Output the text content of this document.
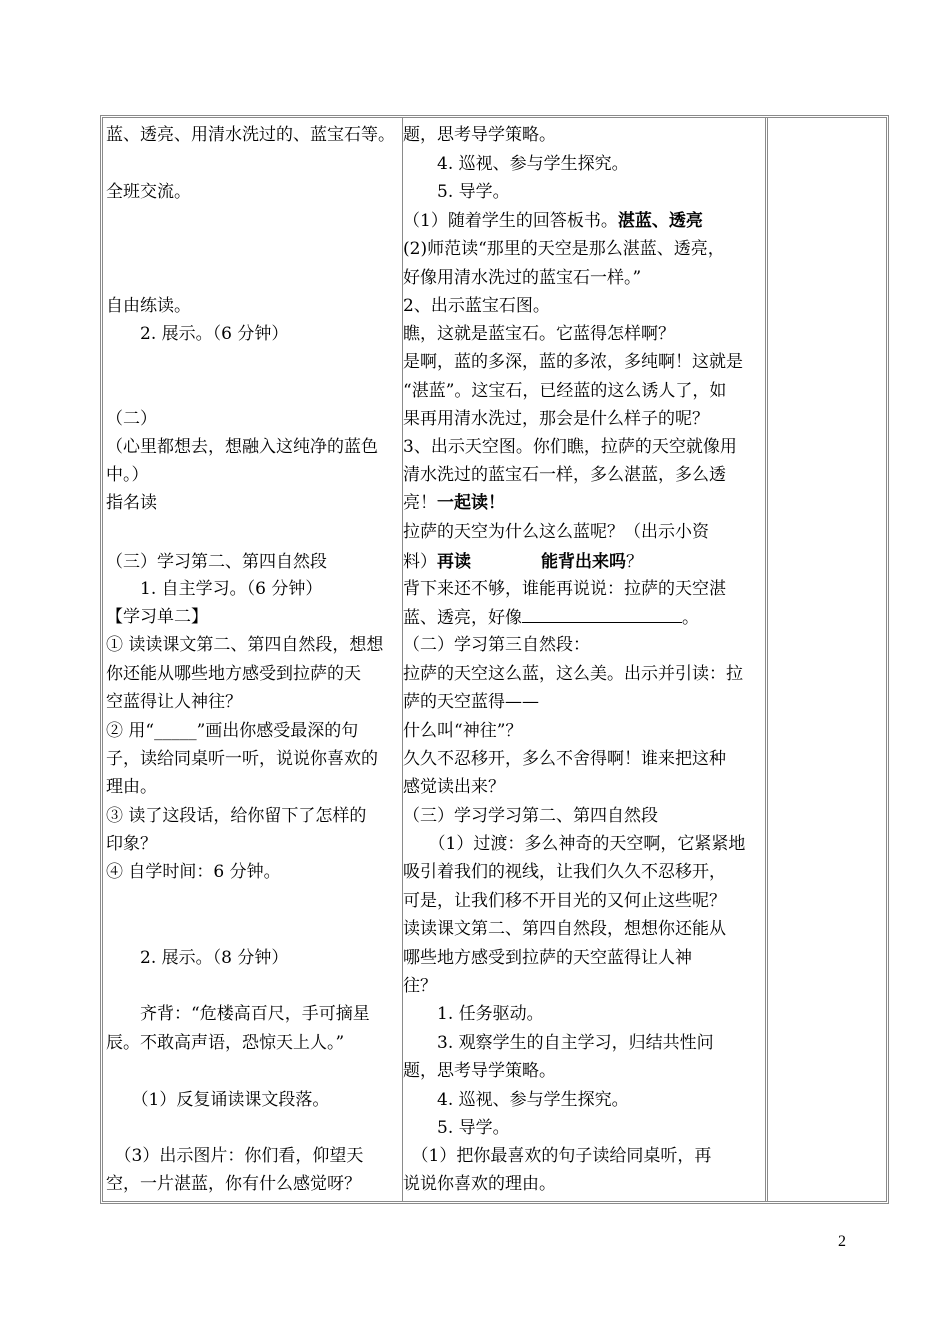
蓝、透亮、用清水洗过的、蓝宝石等。
全班交流。
自由练读。
　　2. 展示。（6 分钟）
（二）
（心里都想去，想融入这纯净的蓝色
中。）
指名读
（三）学习第二、第四自然段
　　1. 自主学习。（6 分钟）
【学习单二】
① 读读课文第二、第四自然段，想想
你还能从哪些地方感受到拉萨的天
空蓝得让人神往？
② 用“_____”画出你感受最深的句
子，读给同桌听一听，说说你喜欢的
理由。
③ 读了这段话，给你留下了怎样的
印象？
④ 自学时间：6 分钟。
　　2. 展示。（8 分钟）
　　齐背：“危楼高百尺，手可摘星
辰。不敢高声语，恐惊天上人。”
　　（1）反复诵读课文段落。
　（3）出示图片：你们看，仰望天
空，一片湛蓝，你有什么感觉呀？
题，思考导学策略。
　　4. 巡视、参与学生探究。
　　5. 导学。
（1）随着学生的回答板书。湛蓝、透亮
(2)师范读“那里的天空是那么湛蓝、透亮，
好像用清水洗过的蓝宝石一样。”
2、出示蓝宝石图。
瞧，这就是蓝宝石。它蓝得怎样啊？
是啊，蓝的多深，蓝的多浓，多纯啊！这就是
“湛蓝”。这宝石，已经蓝的这么诱人了，如
果再用清水洗过，那会是什么样子的呢？
3、出示天空图。你们瞧，拉萨的天空就像用
清水洗过的蓝宝石一样，多么湛蓝，多么透
亮！一起读！
拉萨的天空为什么这么蓝呢？（出示小资
料）再读	能背出来吗？
背下来还不够，谁能再说说：拉萨的天空湛
蓝、透亮，好像	。
（二）学习第三自然段：
拉萨的天空这么蓝，这么美。出示并引读：拉
萨的天空蓝得——
什么叫“神往”？
久久不忍移开，多么不舍得啊！谁来把这种
感觉读出来？
（三）学习学习第二、第四自然段
　　（1）过渡：多么神奇的天空啊，它紧紧地
吸引着我们的视线，让我们久久不忍移开，
可是，让我们移不开目光的又何止这些呢？
读读课文第二、第四自然段，想想你还能从
哪些地方感受到拉萨的天空蓝得让人神
往？
　　1. 任务驱动。
　　3. 观察学生的自主学习，归结共性问
题，思考导学策略。
　　4. 巡视、参与学生探究。
　　5. 导学。
　（1）把你最喜欢的句子读给同桌听，再
说说你喜欢的理由。
2
